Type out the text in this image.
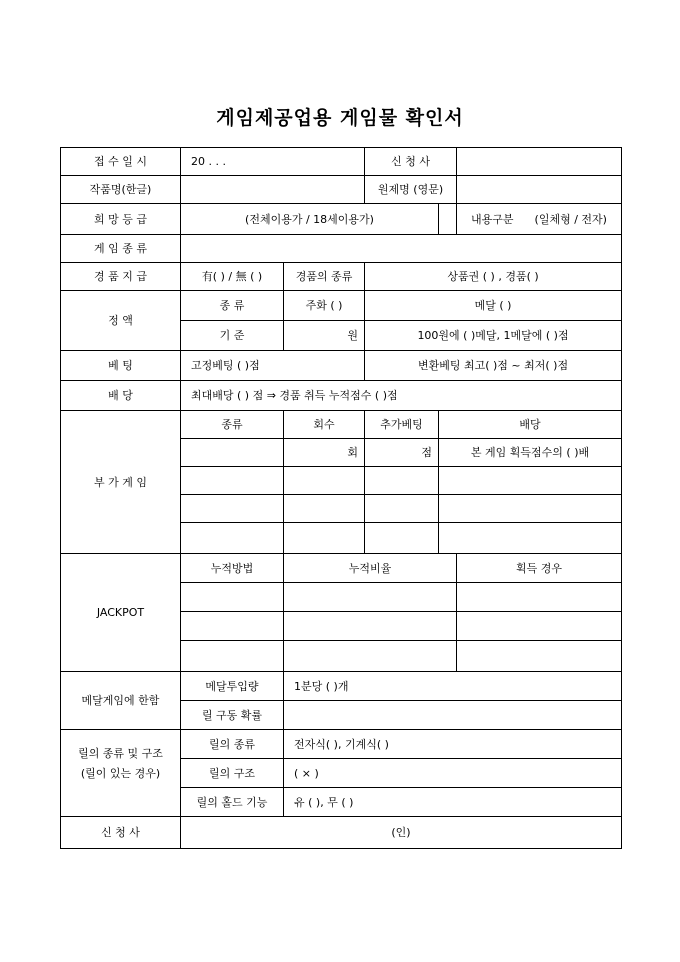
게임제공업용 게임물 확인서
접 수 일 시	20 . . .		신 청 사		
작품명(한글)			원제명 (영문)		
희 망 등 급	(전체이용가 / 18세이용가)				내용구분 (일체형 / 전자)
게 임 종 류					
경 품 지 급	有( ) / 無 ( )	경품의 종류	상품권 ( ) , 경품( )		
정 액	종 류	주화 ( )	메달 ( )		
	기 준	원	100원에 ( )메달, 1메달에 ( )점		
베 팅	고정베팅 ( )점		변환베팅 최고( )점 ~ 최저( )점		
배 당	최대배당 ( ) 점 ⇒ 경품 취득 누적점수 ( )점				
부 가 게 임	종류	회수	추가베팅	배당	
		회	점	본 게임 획득점수의 ( )배	

JACKPOT	누적방법	누적비율			획득 경우

메달게임에 한함	메달투입량	1분당 ( )개			
	릴 구동 확률				

릴의 종류 및 구조
(릴이 있는 경우)	릴의 종류	전자식( ), 기계식( )			
	릴의 구조	( × )			
	릴의 홀드 기능	유 ( ), 무 ( )			
신 청 사	(인)				
